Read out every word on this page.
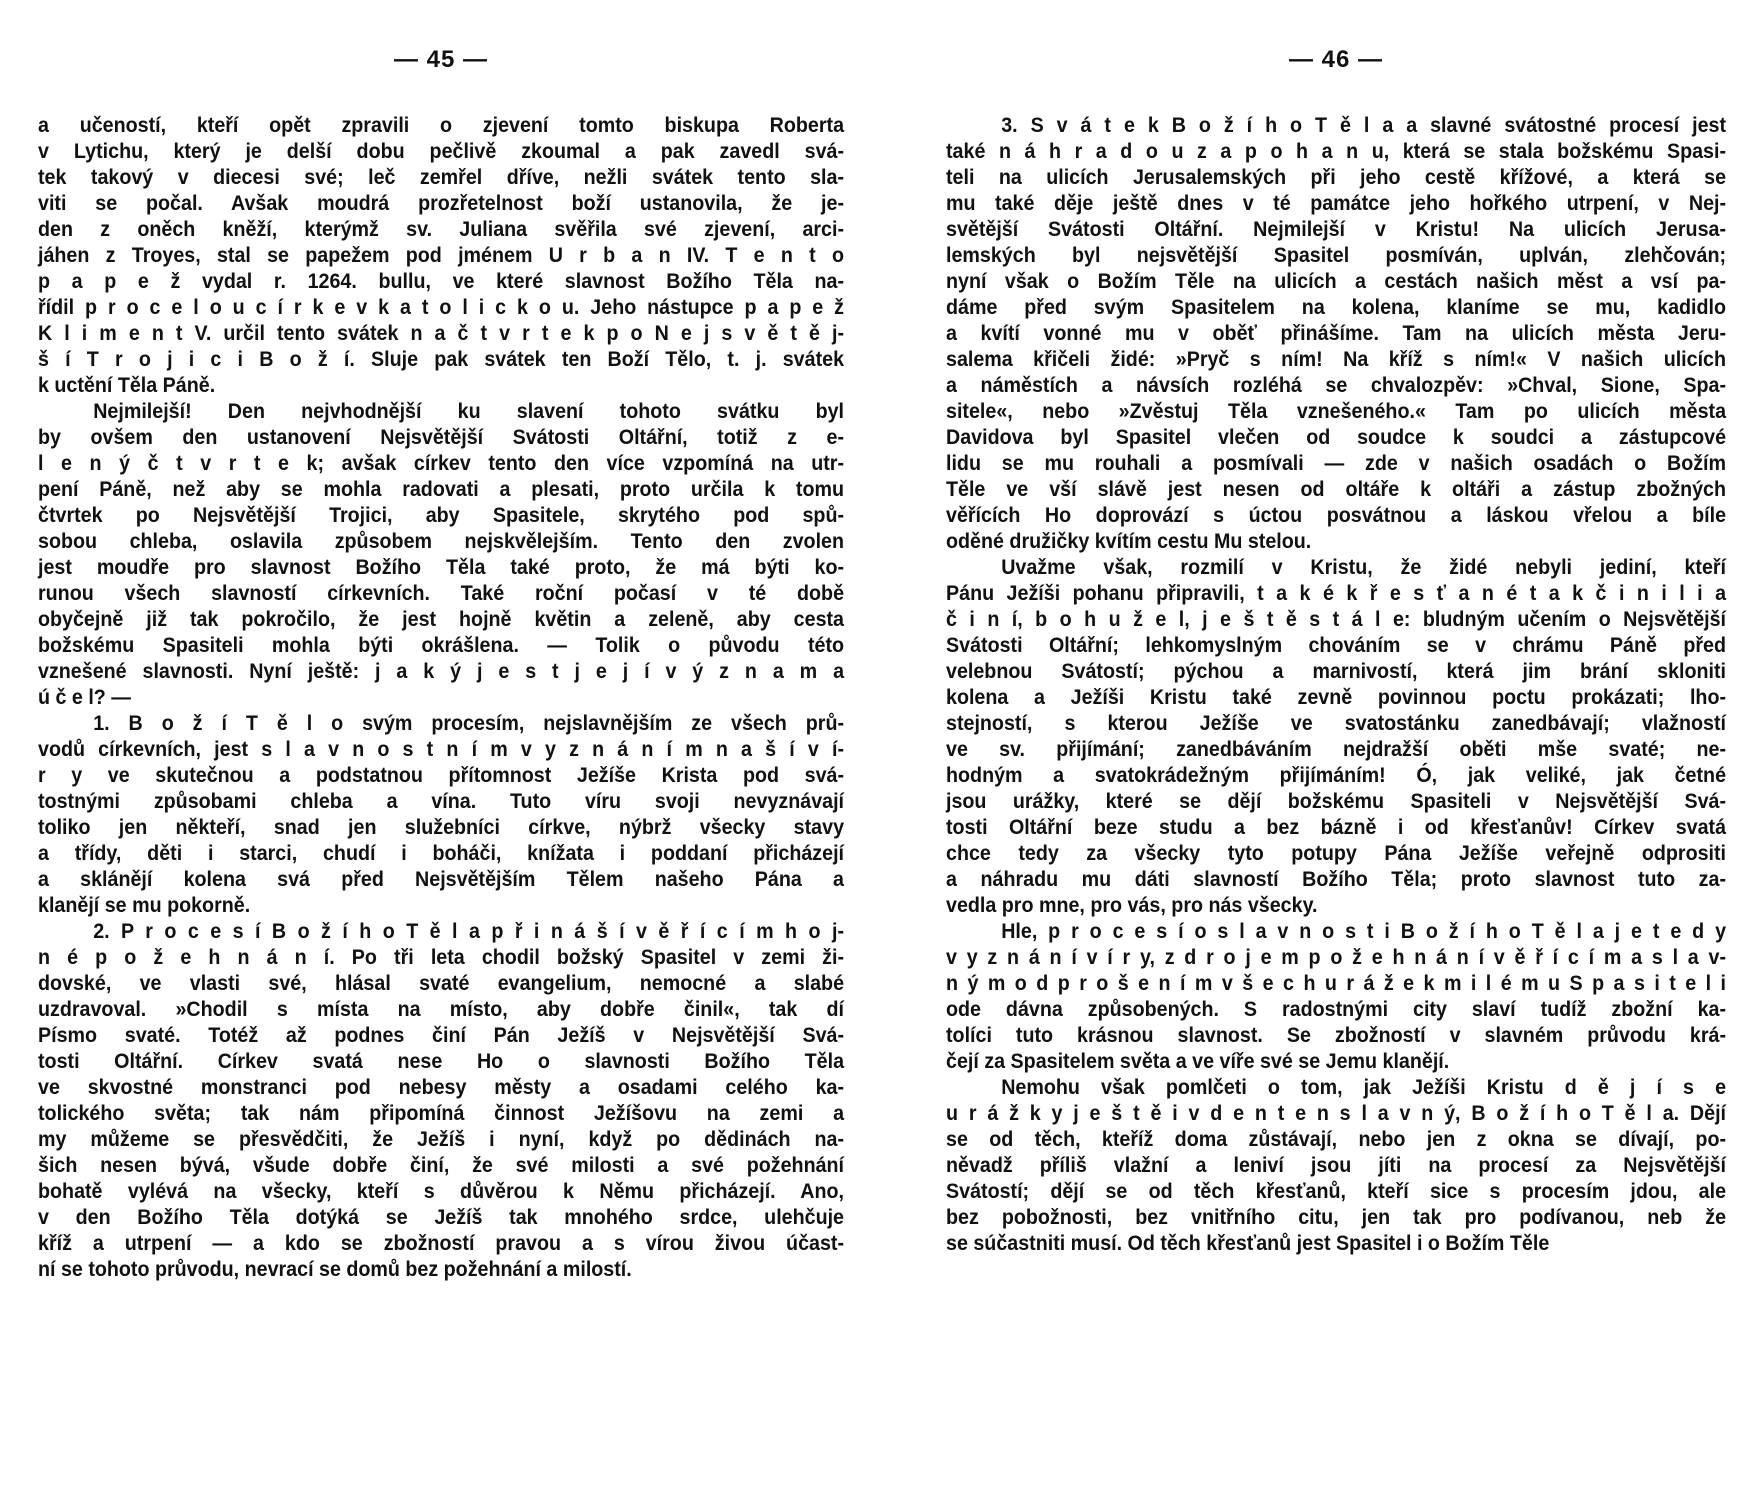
— 45 —
a učeností, kteří opět zpravili o zjevení tomto biskupa Roberta
v Lytichu, který je delší dobu pečlivě zkoumal a pak zavedl svá-
tek takový v diecesi své; leč zemřel dříve, nežli svátek tento sla-
viti se počal. Avšak moudrá prozřetelnost boží ustanovila, že je-
den z oněch kněží, kterýmž sv. Juliana svěřila své zjevení, arci-
jáhen z Troyes, stal se papežem pod jménem U r b a n IV. T e n t o
p a p e ž vydal r. 1264. bullu, ve které slavnost Božího Těla na-
řídil p r o c e l o u c í r k e v k a t o l i c k o u. Jeho nástupce p a p e ž
K l i m e n t V. určil tento svátek n a č t v r t e k p o N e j s v ě t ě j-
š í T r o j i c i B o ž í. Sluje pak svátek ten Boží Tělo, t. j. svátek
k uctění Těla Páně.
Nejmilejší! Den nejvhodnější ku slavení tohoto svátku byl
by ovšem den ustanovení Nejsvětější Svátosti Oltářní, totiž z e-
l e n ý č t v r t e k; avšak církev tento den více vzpomíná na utr-
pení Páně, než aby se mohla radovati a plesati, proto určila k tomu
čtvrtek po Nejsvětější Trojici, aby Spasitele, skrytého pod spů-
sobou chleba, oslavila způsobem nejskvělejším. Tento den zvolen
jest moudře pro slavnost Božího Těla také proto, že má býti ko-
runou všech slavností církevních. Také roční počasí v té době
obyčejně již tak pokročilo, že jest hojně květin a zeleně, aby cesta
božskému Spasiteli mohla býti okrášlena. — Tolik o původu této
vznešené slavnosti. Nyní ještě: j a k ý j e s t j e j í v ý z n a m a
ú č e l? —
1. B o ž í T ě l o svým procesím, nejslavnějším ze všech prů-
vodů církevních, jest s l a v n o s t n í m v y z n á n í m n a š í v í-
r y ve skutečnou a podstatnou přítomnost Ježíše Krista pod svá-
tostnými způsobami chleba a vína. Tuto víru svoji nevyznávají
toliko jen někteří, snad jen služebníci církve, nýbrž všecky stavy
a třídy, děti i starci, chudí i boháči, knížata i poddaní přicházejí
a sklánějí kolena svá před Nejsvětějším Tělem našeho Pána a
klanějí se mu pokorně.
2. P r o c e s í B o ž í h o T ě l a p ř i n á š í v ě ř í c í m h o j-
n é p o ž e h n á n í. Po tři leta chodil božský Spasitel v zemi ži-
dovské, ve vlasti své, hlásal svaté evangelium, nemocné a slabé
uzdravoval. »Chodil s místa na místo, aby dobře činil«, tak dí
Písmo svaté. Totéž až podnes činí Pán Ježíš v Nejsvětější Svá-
tosti Oltářní. Církev svatá nese Ho o slavnosti Božího Těla
ve skvostné monstranci pod nebesy městy a osadami celého ka-
tolického světa; tak nám připomíná činnost Ježíšovu na zemi a
my můžeme se přesvědčiti, že Ježíš i nyní, když po dědinách na-
šich nesen bývá, všude dobře činí, že své milosti a své požehnání
bohatě vylévá na všecky, kteří s důvěrou k Němu přicházejí. Ano,
v den Božího Těla dotýká se Ježíš tak mnohého srdce, ulehčuje
kříž a utrpení — a kdo se zbožností pravou a s vírou živou účast-
ní se tohoto průvodu, nevrací se domů bez požehnání a milostí.
— 46 —
3. S v á t e k B o ž í h o T ě l a a slavné svátostné procesí jest
také n á h r a d o u z a p o h a n u, která se stala božskému Spasi-
teli na ulicích Jerusalemských při jeho cestě křížové, a která se
mu také děje ještě dnes v té památce jeho hořkého utrpení, v Nej-
světější Svátosti Oltářní. Nejmilejší v Kristu! Na ulicích Jerusa-
lemských byl nejsvětější Spasitel posmíván, uplván, zlehčován;
nyní však o Božím Těle na ulicích a cestách našich měst a vsí pa-
dáme před svým Spasitelem na kolena, klaníme se mu, kadidlo
a kvítí vonné mu v oběť přinášíme. Tam na ulicích města Jeru-
salema křičeli židé: »Pryč s ním! Na kříž s ním!« V našich ulicích
a náměstích a návsích rozléhá se chvalozpěv: »Chval, Sione, Spa-
sitele«, nebo »Zvěstuj Těla vznešeného.« Tam po ulicích města
Davidova byl Spasitel vlečen od soudce k soudci a zástupcové
lidu se mu rouhali a posmívali — zde v našich osadách o Božím
Těle ve vší slávě jest nesen od oltáře k oltáři a zástup zbožných
věřících Ho doprovází s úctou posvátnou a láskou vřelou a bíle
oděné družičky kvítím cestu Mu stelou.
Uvažme však, rozmilí v Kristu, že židé nebyli jediní, kteří
Pánu Ježíši pohanu připravili, t a k é k ř e s ť a n é t a k č i n i l i a
č i n í, b o h u ž e l, j e š t ě s t á l e: bludným učením o Nejsvětější
Svátosti Oltářní; lehkomyslným chováním se v chrámu Páně před
velebnou Svátostí; pýchou a marnivostí, která jim brání skloniti
kolena a Ježíši Kristu také zevně povinnou poctu prokázati; lho-
stejností, s kterou Ježíše ve svatostánku zanedbávají; vlažností
ve sv. přijímání; zanedbáváním nejdražší oběti mše svaté; ne-
hodným a svatokrádežným přijímáním! Ó, jak veliké, jak četné
jsou urážky, které se dějí božskému Spasiteli v Nejsvětější Svá-
tosti Oltářní beze studu a bez bázně i od křesťanův! Církev svatá
chce tedy za všecky tyto potupy Pána Ježíše veřejně odprositi
a náhradu mu dáti slavností Božího Těla; proto slavnost tuto za-
vedla pro mne, pro vás, pro nás všecky.
Hle, p r o c e s í o s l a v n o s t i B o ž í h o T ě l a j e t e d y
v y z n á n í v í r y, z d r o j e m p o ž e h n á n í v ě ř í c í m a s l a v-
n ý m o d p r o š e n í m v š e c h u r á ž e k m i l é m u S p a s i t e l i
ode dávna způsobených. S radostnými city slaví tudíž zbožní ka-
tolíci tuto krásnou slavnost. Se zbožností v slavném průvodu krá-
čejí za Spasitelem světa a ve víře své se Jemu klanějí.
Nemohu však pomlčeti o tom, jak Ježíši Kristu d ě j í s e
u r á ž k y j e š t ě i v d e n t e n s l a v n ý, B o ž í h o T ě l a. Dějí
se od těch, kteříž doma zůstávají, nebo jen z okna se dívají, po-
něvadž příliš vlažní a leniví jsou jíti na procesí za Nejsvětější
Svátostí; dějí se od těch křesťanů, kteří sice s procesím jdou, ale
bez pobožnosti, bez vnitřního citu, jen tak pro podívanou, neb že
se súčastniti musí. Od těch křesťanů jest Spasitel i o Božím Těle
